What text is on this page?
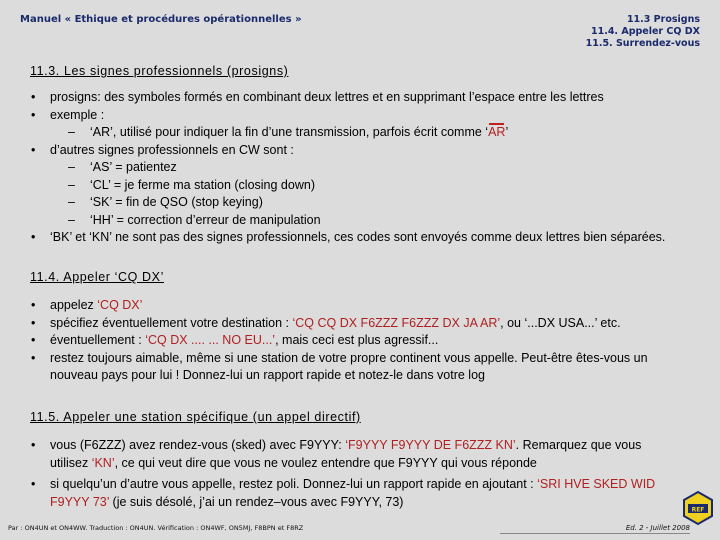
Manuel « Ethique et procédures opérationnelles »	11.3 Prosigns
11.4. Appeler CQ DX
11.5. Surrendez-vous
11.3. Les signes professionnels (prosigns)
• prosigns: des symboles formés en combinant deux lettres et en supprimant l’espace entre les lettres
• exemple :
– ‘AR’, utilisé pour indiquer la fin d’une transmission, parfois écrit comme ‘AR’
• d’autres signes professionnels en CW sont :
– ‘AS’ = patientez
– ‘CL’ = je ferme ma station (closing down)
– ‘SK’ = fin de QSO (stop keying)
– ‘HH’ = correction d’erreur de manipulation
• ‘BK’ et ‘KN’ ne sont pas des signes professionnels, ces codes sont envoyés comme deux lettres bien séparées.
11.4. Appeler ‘CQ DX’
• appelez ‘CQ DX’
• spécifiez éventuellement votre destination : ‘CQ CQ DX F6ZZZ F6ZZZ DX JA AR’, ou ‘...DX USA...’ etc.
• éventuellement : ‘CQ DX .... ... NO EU...’, mais ceci est plus agressif...
• restez toujours aimable, même si une station de votre propre continent vous appelle. Peut-être êtes-vous un nouveau pays pour lui ! Donnez-lui un rapport rapide et notez-le dans votre log
11.5. Appeler une station spécifique (un appel directif)
• vous (F6ZZZ) avez rendez-vous (sked) avec F9YYY: ‘F9YYY F9YYY DE F6ZZZ KN’. Remarquez que vous utilisez ‘KN’, ce qui veut dire que vous ne voulez entendre que F9YYY qui vous réponde
• si quelqu’un d’autre vous appelle, restez poli. Donnez-lui un rapport rapide en ajoutant : ‘SRI HVE SKED WID F9YYY 73’ (je suis désolé, j’ai un rendez–vous avec F9YYY, 73)
REF
Par : ON4UN et ON4WW. Traduction : ON4UN. Vérification : ON4WF, ON5MJ, F8BPN et F8RZ	Ed. 2 - Juillet 2008
